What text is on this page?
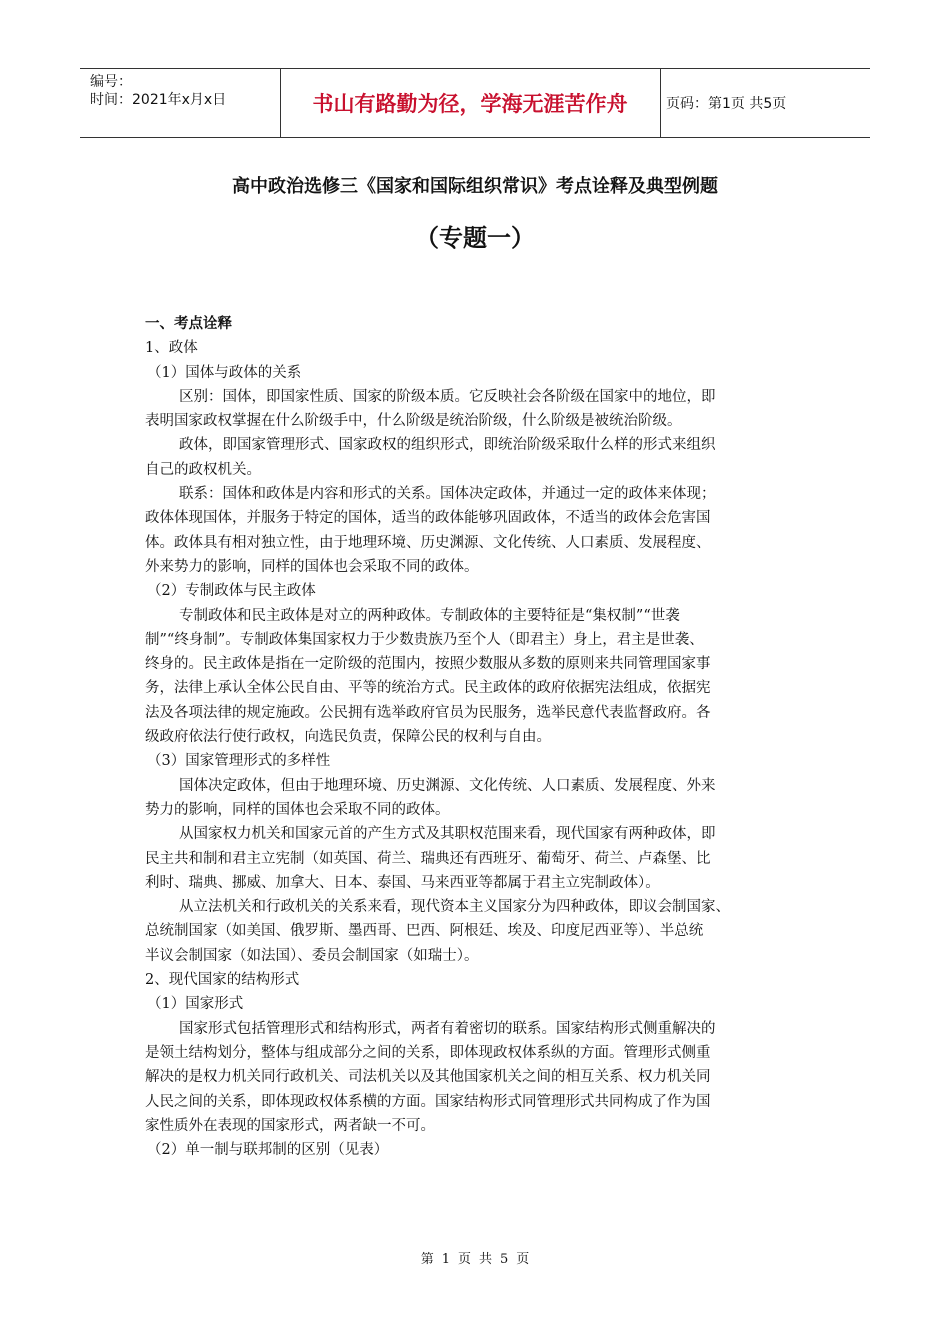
编号：
时间：2021年x月x日	书山有路勤为径，学海无涯苦作舟	页码：第1页 共5页
高中政治选修三《国家和国际组织常识》考点诠释及典型例题
（专题一）

一、考点诠释

1、政体

（1）国体与政体的关系

区别：国体，即国家性质、国家的阶级本质。它反映社会各阶级在国家中的地位，即

表明国家政权掌握在什么阶级手中，什么阶级是统治阶级，什么阶级是被统治阶级。

政体，即国家管理形式、国家政权的组织形式，即统治阶级采取什么样的形式来组织

自己的政权机关。

联系：国体和政体是内容和形式的关系。国体决定政体，并通过一定的政体来体现；

政体体现国体，并服务于特定的国体，适当的政体能够巩固政体，不适当的政体会危害国

体。政体具有相对独立性，由于地理环境、历史渊源、文化传统、人口素质、发展程度、

外来势力的影响，同样的国体也会采取不同的政体。

（2）专制政体与民主政体

专制政体和民主政体是对立的两种政体。专制政体的主要特征是“集权制”“世袭

制”“终身制”。专制政体集国家权力于少数贵族乃至个人（即君主）身上，君主是世袭、

终身的。民主政体是指在一定阶级的范围内，按照少数服从多数的原则来共同管理国家事

务，法律上承认全体公民自由、平等的统治方式。民主政体的政府依据宪法组成，依据宪

法及各项法律的规定施政。公民拥有选举政府官员为民服务，选举民意代表监督政府。各

级政府依法行使行政权，向选民负责，保障公民的权利与自由。

（3）国家管理形式的多样性

国体决定政体，但由于地理环境、历史渊源、文化传统、人口素质、发展程度、外来

势力的影响，同样的国体也会采取不同的政体。

从国家权力机关和国家元首的产生方式及其职权范围来看，现代国家有两种政体，即

民主共和制和君主立宪制（如英国、荷兰、瑞典还有西班牙、葡萄牙、荷兰、卢森堡、比

利时、瑞典、挪威、加拿大、日本、泰国、马来西亚等都属于君主立宪制政体）。

从立法机关和行政机关的关系来看，现代资本主义国家分为四种政体，即议会制国家、

总统制国家（如美国、俄罗斯、墨西哥、巴西、阿根廷、埃及、印度尼西亚等）、半总统

半议会制国家（如法国）、委员会制国家（如瑞士）。

2、现代国家的结构形式

（1）国家形式

国家形式包括管理形式和结构形式，两者有着密切的联系。国家结构形式侧重解决的

是领土结构划分，整体与组成部分之间的关系，即体现政权体系纵的方面。管理形式侧重

解决的是权力机关同行政机关、司法机关以及其他国家机关之间的相互关系、权力机关同

人民之间的关系，即体现政权体系横的方面。国家结构形式同管理形式共同构成了作为国

家性质外在表现的国家形式，两者缺一不可。

（2）单一制与联邦制的区别（见表）

第 1 页 共 5 页
